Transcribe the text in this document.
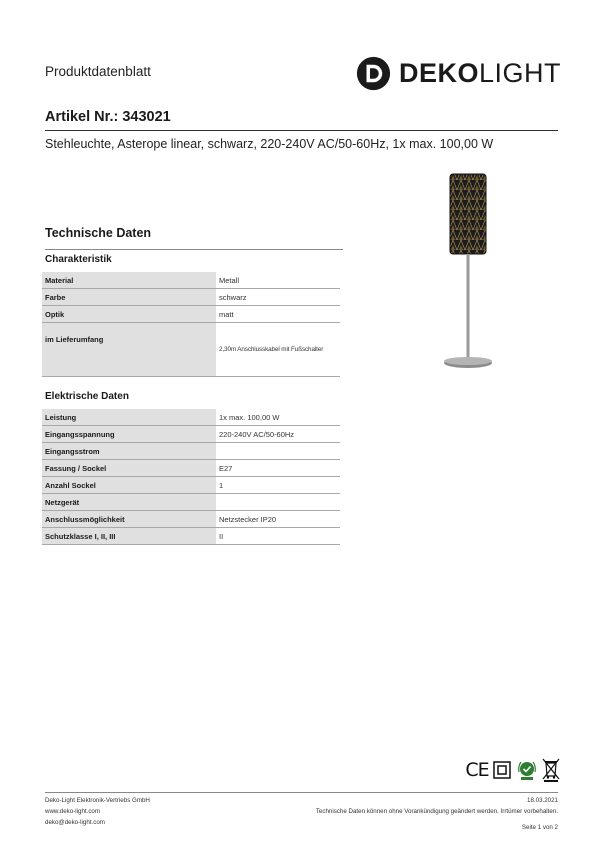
Produktdatenblatt	DEKOLIGHT
Artikel Nr.: 343021
Stehleuchte, Asterope linear, schwarz, 220-240V AC/50-60Hz, 1x max. 100,00 W
Technische Daten
Charakteristik
Material	Metall
Farbe	schwarz
Optik	matt
im Lieferumfang	2,30m Anschlusskabel mit Fußschalter
Elektrische Daten
Leistung	1x max. 100,00 W
Eingangsspannung	220-240V AC/50-60Hz
Eingangsstrom	
Fassung / Sockel	E27
Anzahl Sockel	1
Netzgerät	
Anschlussmöglichkeit	Netzstecker IP20
Schutzklasse I, II, III	II
CE
Deko-Light Elektronik-Vertriebs GmbH
www.deko-light.com
deko@deko-light.com
18.03.2021
Technische Daten können ohne Vorankündigung geändert werden. Irrtümer vorbehalten.
Seite 1 von 2
